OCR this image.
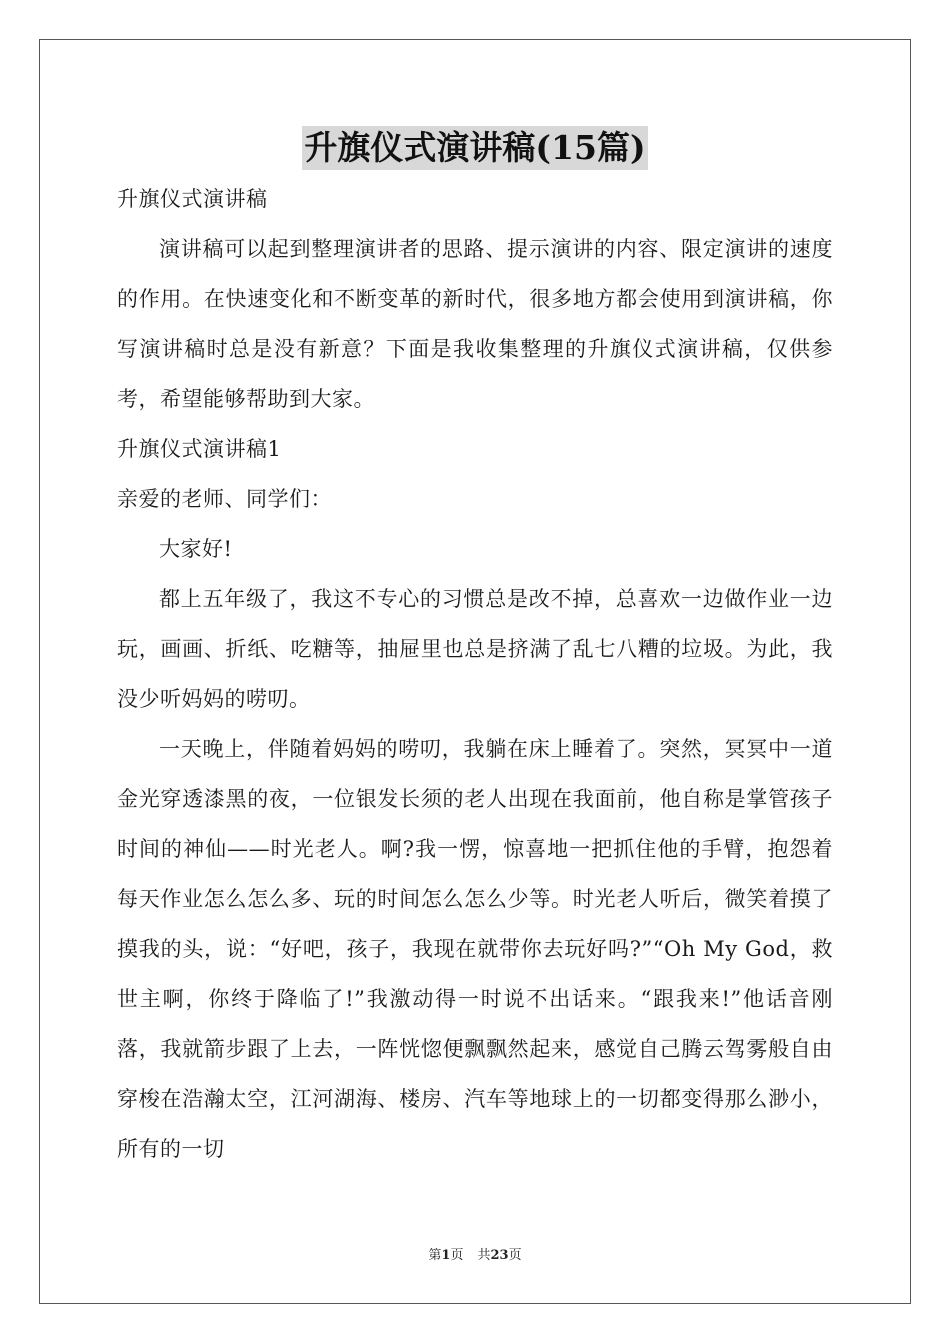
升旗仪式演讲稿(15篇)

升旗仪式演讲稿

演讲稿可以起到整理演讲者的思路、提示演讲的内容、限定演讲的速度的作用。在快速变化和不断变革的新时代，很多地方都会使用到演讲稿，你写演讲稿时总是没有新意？下面是我收集整理的升旗仪式演讲稿，仅供参考，希望能够帮助到大家。

升旗仪式演讲稿1

亲爱的老师、同学们：

大家好!

都上五年级了，我这不专心的习惯总是改不掉，总喜欢一边做作业一边玩，画画、折纸、吃糖等，抽屉里也总是挤满了乱七八糟的垃圾。为此，我没少听妈妈的唠叨。

一天晚上，伴随着妈妈的唠叨，我躺在床上睡着了。突然，冥冥中一道金光穿透漆黑的夜，一位银发长须的老人出现在我面前，他自称是掌管孩子时间的神仙——时光老人。啊?我一愣，惊喜地一把抓住他的手臂，抱怨着每天作业怎么怎么多、玩的时间怎么怎么少等。时光老人听后，微笑着摸了摸我的头，说：“好吧，孩子，我现在就带你去玩好吗?”“Oh My God，救世主啊，你终于降临了!”我激动得一时说不出话来。“跟我来!”他话音刚落，我就箭步跟了上去，一阵恍惚便飘飘然起来，感觉自己腾云驾雾般自由穿梭在浩瀚太空，江河湖海、楼房、汽车等地球上的一切都变得那么渺小，所有的一切

第1页 共23页
